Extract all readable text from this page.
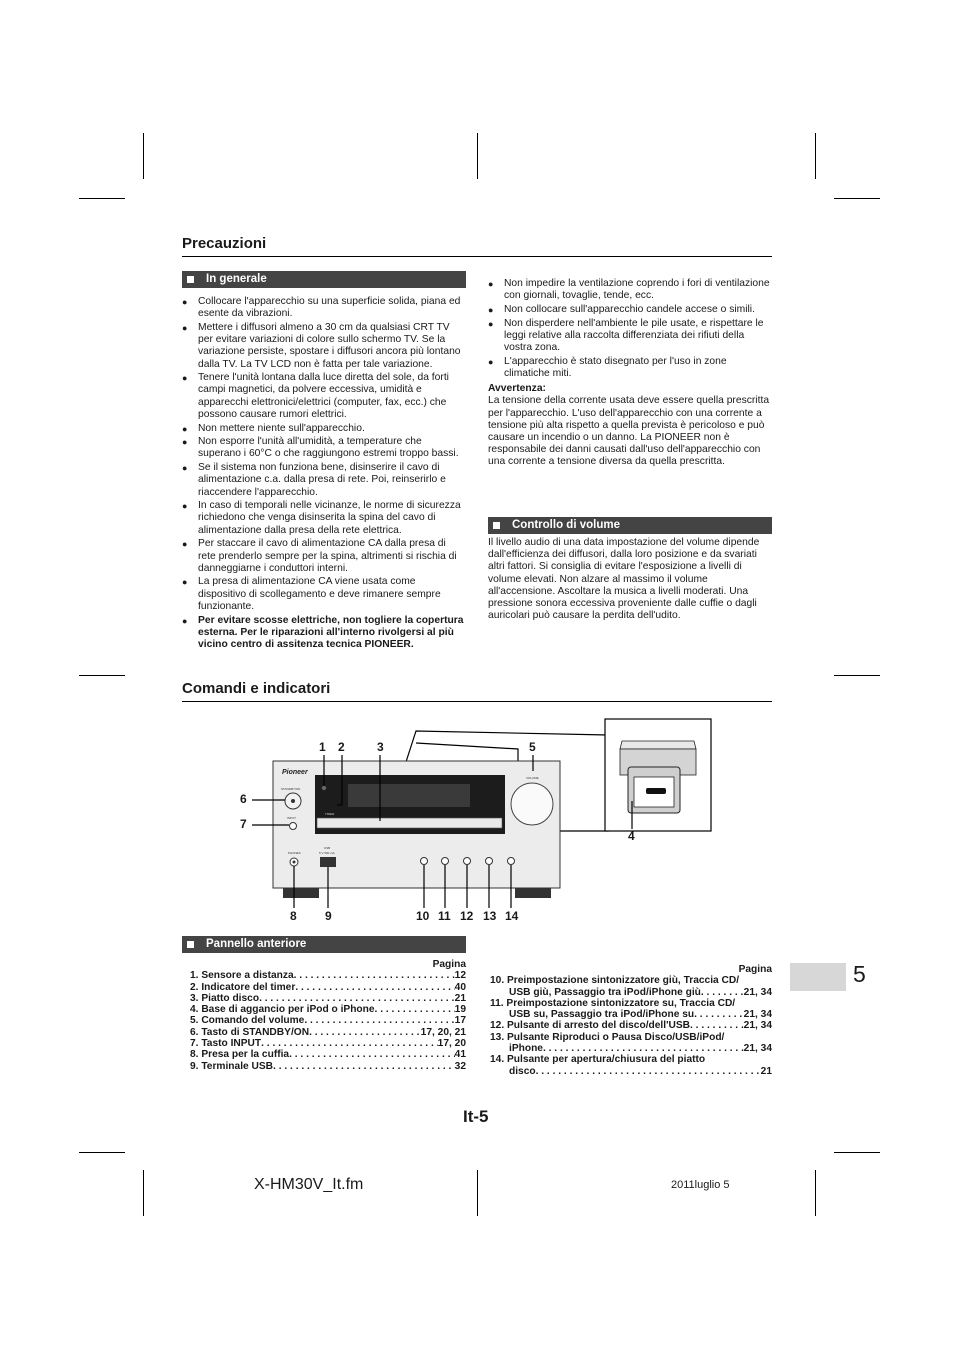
Precauzioni
In generale
● Collocare l'apparecchio su una superficie solida, piana ed esente da vibrazioni.
● Mettere i diffusori almeno a 30 cm da qualsiasi CRT TV per evitare variazioni di colore sullo schermo TV. Se la variazione persiste, spostare i diffusori ancora più lontano dalla TV. La TV LCD non è fatta per tale variazione.
● Tenere l'unità lontana dalla luce diretta del sole, da forti campi magnetici, da polvere eccessiva, umidità e apparecchi elettronici/elettrici (computer, fax, ecc.) che possono causare rumori elettrici.
● Non mettere niente sull'apparecchio.
● Non esporre l'unità all'umidità, a temperature che superano i 60°C o che raggiungono estremi troppo bassi.
● Se il sistema non funziona bene, disinserire il cavo di alimentazione c.a. dalla presa di rete. Poi, reinserirlo e riaccendere l'apparecchio.
● In caso di temporali nelle vicinanze, le norme di sicurezza richiedono che venga disinserita la spina del cavo di alimentazione dalla presa della rete elettrica.
● Per staccare il cavo di alimentazione CA dalla presa di rete prenderlo sempre per la spina, altrimenti si rischia di danneggiarne i conduttori interni.
● La presa di alimentazione CA viene usata come dispositivo di scollegamento e deve rimanere sempre funzionante.
● Per evitare scosse elettriche, non togliere la copertura esterna. Per le riparazioni all'interno rivolgersi al più vicino centro di assitenza tecnica PIONEER.
● Non impedire la ventilazione coprendo i fori di ventilazione con giornali, tovaglie, tende, ecc.
● Non collocare sull'apparecchio candele accese o simili.
● Non disperdere nell'ambiente le pile usate, e rispettare le leggi relative alla raccolta differenziata dei rifiuti della vostra zona.
● L'apparecchio è stato disegnato per l'uso in zone climatiche miti.
Avvertenza:
La tensione della corrente usata deve essere quella prescritta per l'apparecchio. L'uso dell'apparecchio con una corrente a tensione più alta rispetto a quella prevista è pericoloso e può causare un incendio o un danno. La PIONEER non è responsabile dei danni causati dall'uso dell'apparecchio con una corrente a tensione diversa da quella prescritta.
Controllo di volume
Il livello audio di una data impostazione del volume dipende dall'efficienza dei diffusori, dalla loro posizione e da svariati altri fattori. Si consiglia di evitare l'esposizione a livelli di volume elevati. Non alzare al massimo il volume all'accensione. Ascoltare la musica a livelli moderati. Una pressione sonora eccessiva proveniente dalle cuffie o dagli auricolari può causare la perdita dell'udito.
Comandi e indicatori
Pioneer
TIMER
VOLUME
STANDBY/ON
INPUT
PHONES
USB
5 V 500 mA
1 2	3	5
6
7
4
8 9	10 11 12 13 14
Pannello anteriore
Pagina
1. Sensore a distanza . . .	12
2. Indicatore del timer . . .	40
3. Piatto disco . . .	21
4. Base di aggancio per iPod o iPhone . . .	19
5. Comando del volume . . .	17
6. Tasto di STANDBY/ON . . .	17, 20, 21
7. Tasto INPUT . . .	17, 20
8. Presa per la cuffia . . .	41
9. Terminale USB . . .	32
Pagina
10. Preimpostazione sintonizzatore giù, Traccia CD/
USB giù, Passaggio tra iPod/iPhone giù . . .	21, 34
11. Preimpostazione sintonizzatore su, Traccia CD/
USB su, Passaggio tra iPod/iPhone su . . .	21, 34
12. Pulsante di arresto del disco/dell'USB . . .	21, 34
13. Pulsante Riproduci o Pausa Disco/USB/iPod/
iPhone . . .	21, 34
14. Pulsante per apertura/chiusura del piatto
disco . . .	21
5
It-5
X-HM30V_It.fm	2011luglio 5
